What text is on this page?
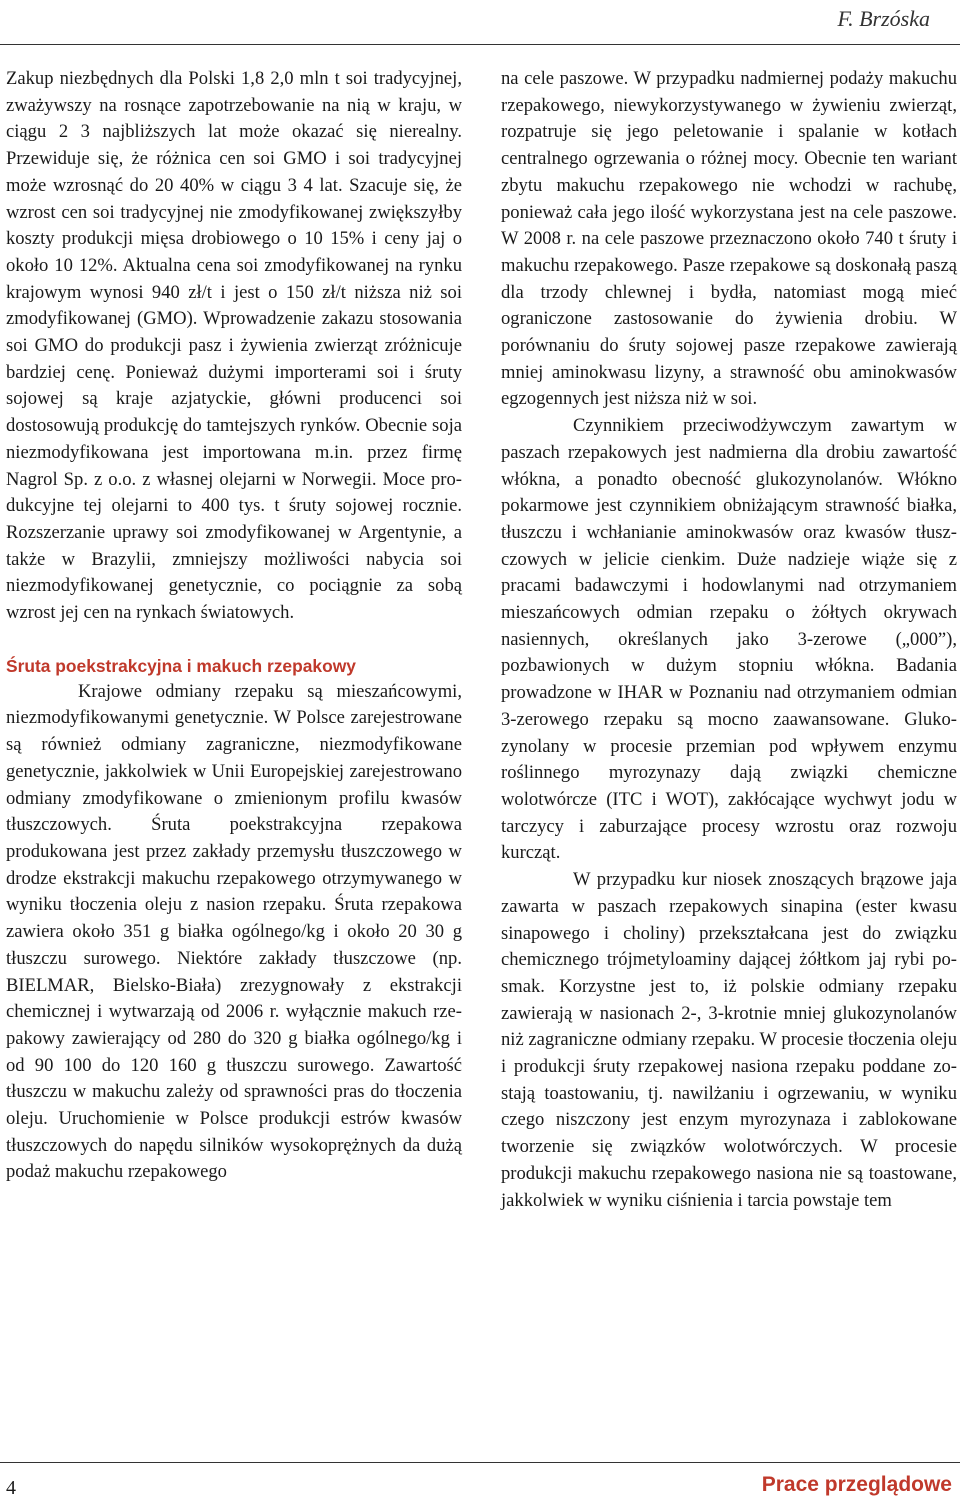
F. Brzóska

Zakup niezbędnych dla Polski 1,8 2,0 mln t soi tradycyjnej, zważywszy na rosnące zapotrzebowanie na nią w kraju, w ciągu 2 3 najbliższych lat może okazać się nierealny. Przewiduje się, że różnica cen soi GMO i soi tradycyjnej może wzrosnąć do 20 40% w ciągu 3 4 lat. Szacuje się, że wzrost cen soi tradycyjnej nie zmodyfikowanej zwiększyłby koszty produkcji mięsa drobiowego o 10 15% i ceny jaj o około 10 12%. Aktualna cena soi zmodyfikowanej na rynku krajowym wynosi 940 zł/t i jest o 150 zł/t niższa niż soi zmodyfikowanej (GMO). Wprowadzenie zakazu stosowania soi GMO do produkcji pasz i żywienia zwierząt zróżnicuje bardziej cenę. Ponieważ dużymi importerami soi i śruty sojowej są kraje azjatyckie, główni producenci soi dostosowują produkcję do tamtejszych rynków. Obecnie soja niezmodyfikowana jest importowana m.in. przez firmę Nagrol Sp. z o.o. z własnej olejarni w Norwegii. Moce produkcyjne tej olejarni to 400 tys. t śruty sojowej rocznie. Rozszerzanie uprawy soi zmodyfikowanej w Argentynie, a także w Brazylii, zmniejszy możliwości nabycia soi niezmodyfikowanej genetycznie, co pociągnie za sobą wzrost jej cen na rynkach światowych.

Śruta poekstrakcyjna i makuch rzepakowy

Krajowe odmiany rzepaku są mieszańcowymi, niezmodyfikowanymi genetycznie. W Polsce zarejestrowane są również odmiany zagraniczne, niezmodyfikowane genetycznie, jakkolwiek w Unii Europejskiej zarejestrowano odmiany zmodyfikowane o zmienionym profilu kwasów tłuszczowych. Śruta poekstrakcyjna rzepakowa produkowana jest przez zakłady przemysłu tłuszczowego w drodze ekstrakcji makuchu rzepakowego otrzymywanego w wyniku tłoczenia oleju z nasion rzepaku. Śruta rzepakowa zawiera około 351 g białka ogólnego/kg i około 20 30 g tłuszczu surowego. Niektóre zakłady tłuszczowe (np. BIELMAR, Bielsko-Biała) zrezygnowały z ekstrakcji chemicznej i wytwarzają od 2006 r. wyłącznie makuch rzepakowy zawierający od 280 do 320 g białka ogólnego/kg i od 90 100 do 120 160 g tłuszczu surowego. Zawartość tłuszczu w makuchu zależy od sprawności pras do tłoczenia oleju. Uruchomienie w Polsce produkcji estrów kwasów tłuszczowych do napędu silników wysokoprężnych da dużą podaż makuchu rzepakowego

na cele paszowe. W przypadku nadmiernej podaży makuchu rzepakowego, niewykorzystywanego w żywieniu zwierząt, rozpatruje się jego peletowanie i spalanie w kotłach centralnego ogrzewania o różnej mocy. Obecnie ten wariant zbytu makuchu rzepakowego nie wchodzi w rachubę, ponieważ cała jego ilość wykorzystana jest na cele paszowe. W 2008 r. na cele paszowe przeznaczono około 740 t śruty i makuchu rzepakowego. Pasze rzepakowe są doskonałą paszą dla trzody chlewnej i bydła, natomiast mogą mieć ograniczone zastosowanie do żywienia drobiu. W porównaniu do śruty sojowej pasze rzepakowe zawierają mniej aminokwasu lizyny, a strawność obu aminokwasów egzogennych jest niższa niż w soi.

Czynnikiem przeciwodżywczym zawartym w paszach rzepakowych jest nadmierna dla drobiu zawartość włókna, a ponadto obecność glukozynolanów. Włókno pokarmowe jest czynnikiem obniżającym strawność białka, tłuszczu i wchłanianie aminokwasów oraz kwasów tłuszczowych w jelicie cienkim. Duże nadzieje wiąże się z pracami badawczymi i hodowlanymi nad otrzymaniem mieszańcowych odmian rzepaku o żółtych okrywach nasiennych, określanych jako 3-zerowe („000”), pozbawionych w dużym stopniu włókna. Badania prowadzone w IHAR w Poznaniu nad otrzymaniem odmian 3-zerowego rzepaku są mocno zaawansowane. Glukozynolany w procesie przemian pod wpływem enzymu roślinnego myrozynazy dają związki chemiczne wolotwórcze (ITC i WOT), zakłócające wychwyt jodu w tarczycy i zaburzające procesy wzrostu oraz rozwoju kurcząt.

W przypadku kur niosek znoszących brązowe jaja zawarta w paszach rzepakowych sinapina (ester kwasu sinapowego i choliny) przekształcana jest do związku chemicznego trójmetyloaminy dającej żółtkom jaj rybi posmak. Korzystne jest to, iż polskie odmiany rzepaku zawierają w nasionach 2-, 3-krotnie mniej glukozynolanów niż zagraniczne odmiany rzepaku. W procesie tłoczenia oleju i produkcji śruty rzepakowej nasiona rzepaku poddane zostają toastowaniu, tj. nawilżaniu i ogrzewaniu, w wyniku czego niszczony jest enzym myrozynaza i zablokowane tworzenie się związków wolotwórczych. W procesie produkcji makuchu rzepakowego nasiona nie są toastowane, jakkolwiek w wyniku ciśnienia i tarcia powstaje tem

4	Prace przeglądowe
